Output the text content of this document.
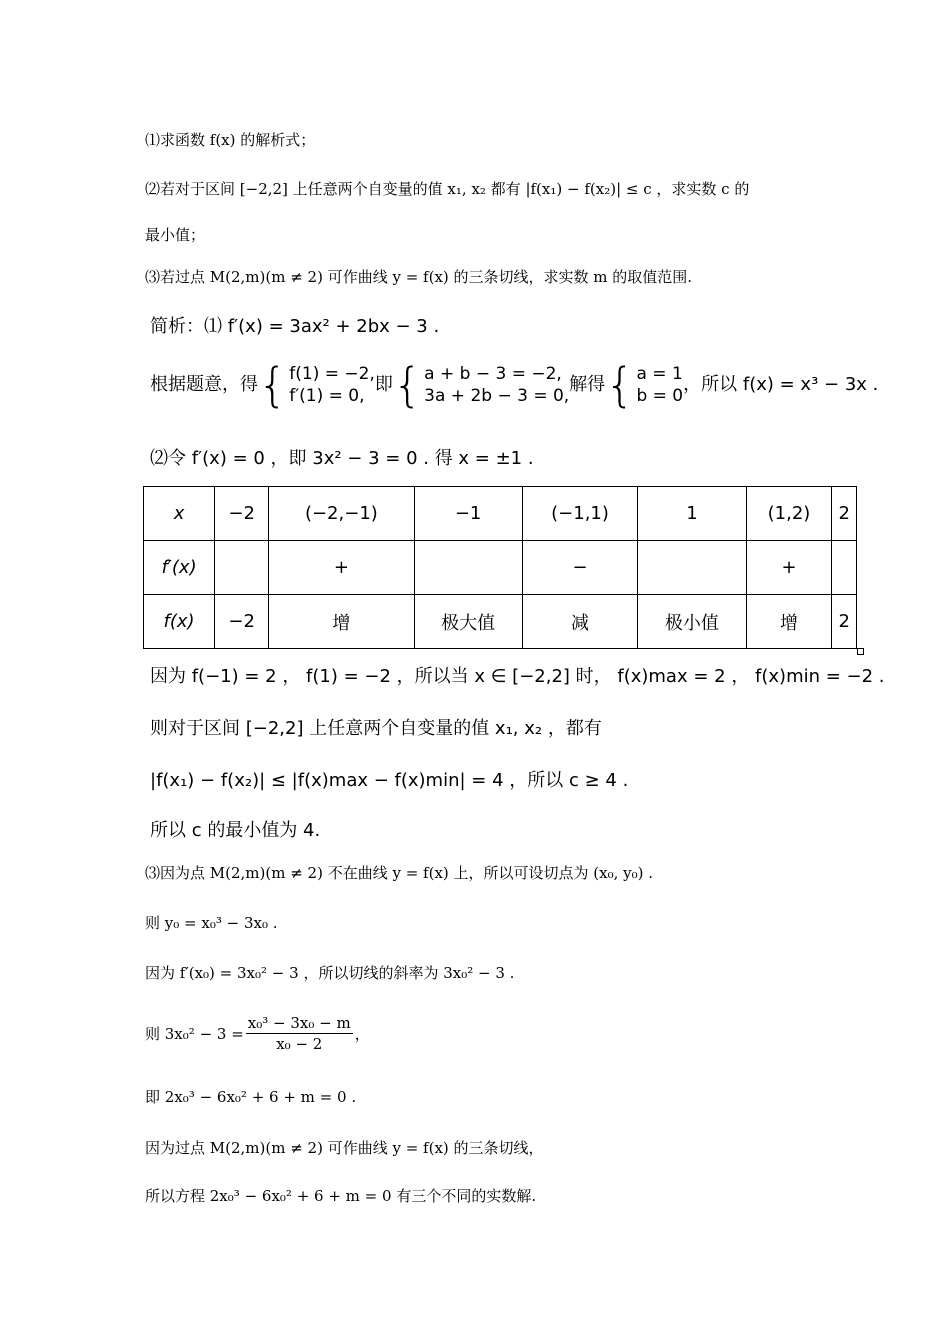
⑴求函数 f(x) 的解析式；
⑵若对于区间 [−2,2] 上任意两个自变量的值 x₁, x₂ 都有 |f(x₁) − f(x₂)| ≤ c ，求实数 c 的
最小值；
⑶若过点 M(2,m)(m ≠ 2) 可作曲线 y = f(x) 的三条切线，求实数 m 的取值范围.
简析：⑴ f′(x) = 3ax² + 2bx − 3 .
根据题意，得 { f(1) = −2,
f′(1) = 0,
即 { a + b − 3 = −2,
3a + 2b − 3 = 0,
解得 { a = 1
b = 0
，所以 f(x) = x³ − 3x .
⑵令 f′(x) = 0 ，即 3x² − 3 = 0 . 得 x = ±1 .
x	−2	(−2,−1)	−1	(−1,1)	1	(1,2)	2
f′(x)		+		−		+	
f(x)	−2	增	极大值	减	极小值	增	2
因为 f(−1) = 2 ， f(1) = −2 ，所以当 x ∈ [−2,2] 时， f(x)max = 2 ， f(x)min = −2 .
则对于区间 [−2,2] 上任意两个自变量的值 x₁, x₂ ，都有
|f(x₁) − f(x₂)| ≤ |f(x)max − f(x)min| = 4 ，所以 c ≥ 4 .
所以 c 的最小值为 4.
⑶因为点 M(2,m)(m ≠ 2) 不在曲线 y = f(x) 上，所以可设切点为 (x₀, y₀) .
则 y₀ = x₀³ − 3x₀ .
因为 f′(x₀) = 3x₀² − 3 ，所以切线的斜率为 3x₀² − 3 .
则 $3x_0^2 - 3 = \frac{\text{x₀³ − 3x₀ − m}}{\text{x₀ − 2}}$ ，
即 2x₀³ − 6x₀² + 6 + m = 0 .
因为过点 M(2,m)(m ≠ 2) 可作曲线 y = f(x) 的三条切线，
所以方程 2x₀³ − 6x₀² + 6 + m = 0 有三个不同的实数解.
